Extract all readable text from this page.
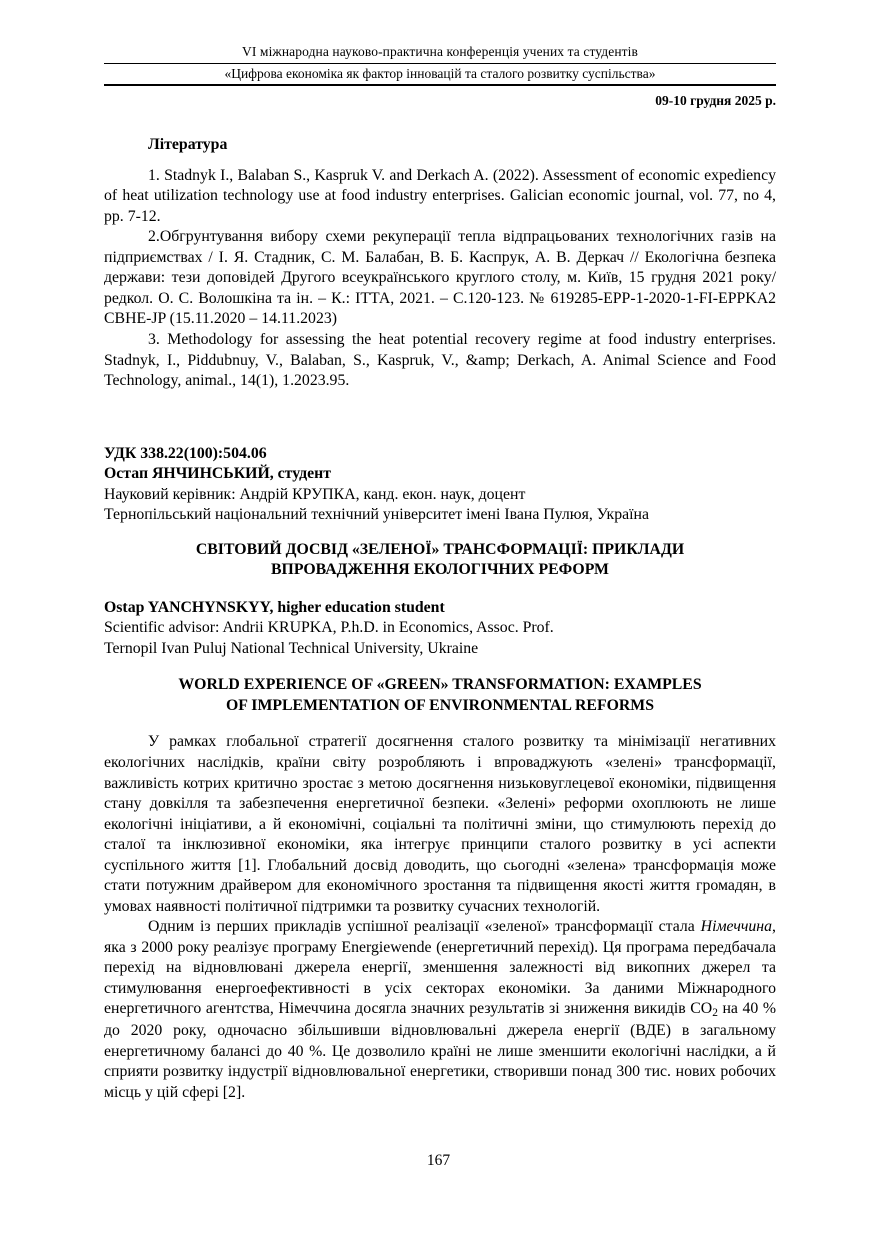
VI міжнародна науково-практична конференція учених та студентів
«Цифрова економіка як фактор інновацій та сталого розвитку суспільства»
09-10 грудня 2025 р.
Література

1. Stadnyk I., Balaban S., Kaspruk V. and Derkach A. (2022). Assessment of economic expediency of heat utilization technology use at food industry enterprises. Galician economic journal, vol. 77, no 4, pp. 7-12.

2.Обгрунтування вибору схеми рекуперації тепла відпрацьованих технологічних газів на підприємствах / І. Я. Стадник, С. М. Балабан, В. Б. Каспрук, А. В. Деркач // Екологічна безпека держави: тези доповідей Другого всеукраїнського круглого столу, м. Київ, 15 грудня 2021 року/ редкол. О. С. Волошкіна та ін. – К.: ІТТА, 2021. – С.120-123. № 619285-EPP-1-2020-1-FI-EPPKA2 CBHE-JP (15.11.2020 – 14.11.2023)

3. Methodology for assessing the heat potential recovery regime at food industry enterprises. Stadnyk, I., Piddubnuy, V., Balaban, S., Kaspruk, V., &amp; Derkach, A. Animal Science and Food Technology, animal., 14(1), 1.2023.95.

УДК 338.22(100):504.06

Остап ЯНЧИНСЬКИЙ, студент

Науковий керівник: Андрій КРУПКА, канд. екон. наук, доцент

Тернопільський національний технічний університет імені Івана Пулюя, Україна

СВІТОВИЙ ДОСВІД «ЗЕЛЕНОЇ» ТРАНСФОРМАЦІЇ: ПРИКЛАДИ
ВПРОВАДЖЕННЯ ЕКОЛОГІЧНИХ РЕФОРМ

Ostap YANCHYNSKYY, higher education student

Scientific advisor: Andrii KRUPKA, P.h.D. in Economics, Assoc. Prof.

Ternopil Ivan Puluj National Technical University, Ukraine

WORLD EXPERIENCE OF «GREEN» TRANSFORMATION: EXAMPLES
OF IMPLEMENTATION OF ENVIRONMENTAL REFORMS

У рамках глобальної стратегії досягнення сталого розвитку та мінімізації негативних екологічних наслідків, країни світу розробляють і впроваджують «зелені» трансформації, важливість котрих критично зростає з метою досягнення низьковуглецевої економіки, підвищення стану довкілля та забезпечення енергетичної безпеки. «Зелені» реформи охоплюють не лише екологічні ініціативи, а й економічні, соціальні та політичні зміни, що стимулюють перехід до сталої та інклюзивної економіки, яка інтегрує принципи сталого розвитку в усі аспекти суспільного життя [1]. Глобальний досвід доводить, що сьогодні «зелена» трансформація може стати потужним драйвером для економічного зростання та підвищення якості життя громадян, в умовах наявності політичної підтримки та розвитку сучасних технологій.

Одним із перших прикладів успішної реалізації «зеленої» трансформації стала Німеччина, яка з 2000 року реалізує програму Energiewende (енергетичний перехід). Ця програма передбачала перехід на відновлювані джерела енергії, зменшення залежності від викопних джерел та стимулювання енергоефективності в усіх секторах економіки. За даними Міжнародного енергетичного агентства, Німеччина досягла значних результатів зі зниження викидів $СО_2$ на 40 % до 2020 року, одночасно збільшивши відновлювальні джерела енергії (ВДЕ) в загальному енергетичному балансі до 40 %. Це дозволило країні не лише зменшити екологічні наслідки, а й сприяти розвитку індустрії відновлювальної енергетики, створивши понад 300 тис. нових робочих місць у цій сфері [2].

167
